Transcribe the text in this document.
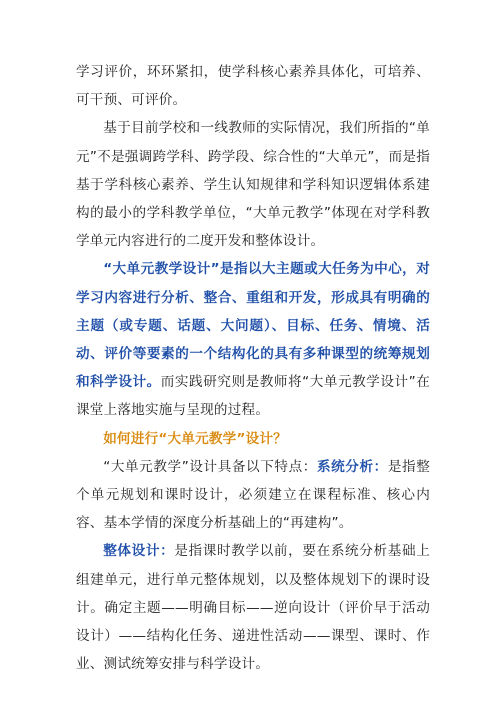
学习评价，环环紧扣，使学科核心素养具体化，可培养、可干预、可评价。

基于目前学校和一线教师的实际情况，我们所指的“单元”不是强调跨学科、跨学段、综合性的“大单元”，而是指基于学科核心素养、学生认知规律和学科知识逻辑体系建构的最小的学科教学单位，“大单元教学”体现在对学科教学单元内容进行的二度开发和整体设计。

“大单元教学设计”是指以大主题或大任务为中心，对学习内容进行分析、整合、重组和开发，形成具有明确的主题（或专题、话题、大问题）、目标、任务、情境、活动、评价等要素的一个结构化的具有多种课型的统筹规划和科学设计。而实践研究则是教师将“大单元教学设计”在课堂上落地实施与呈现的过程。

如何进行“大单元教学”设计？

“大单元教学”设计具备以下特点：系统分析：是指整个单元规划和课时设计，必须建立在课程标准、核心内容、基本学情的深度分析基础上的“再建构”。

整体设计：是指课时教学以前，要在系统分析基础上组建单元，进行单元整体规划，以及整体规划下的课时设计。确定主题——明确目标——逆向设计（评价早于活动设计）——结构化任务、递进性活动——课型、课时、作业、测试统筹安排与科学设计。
